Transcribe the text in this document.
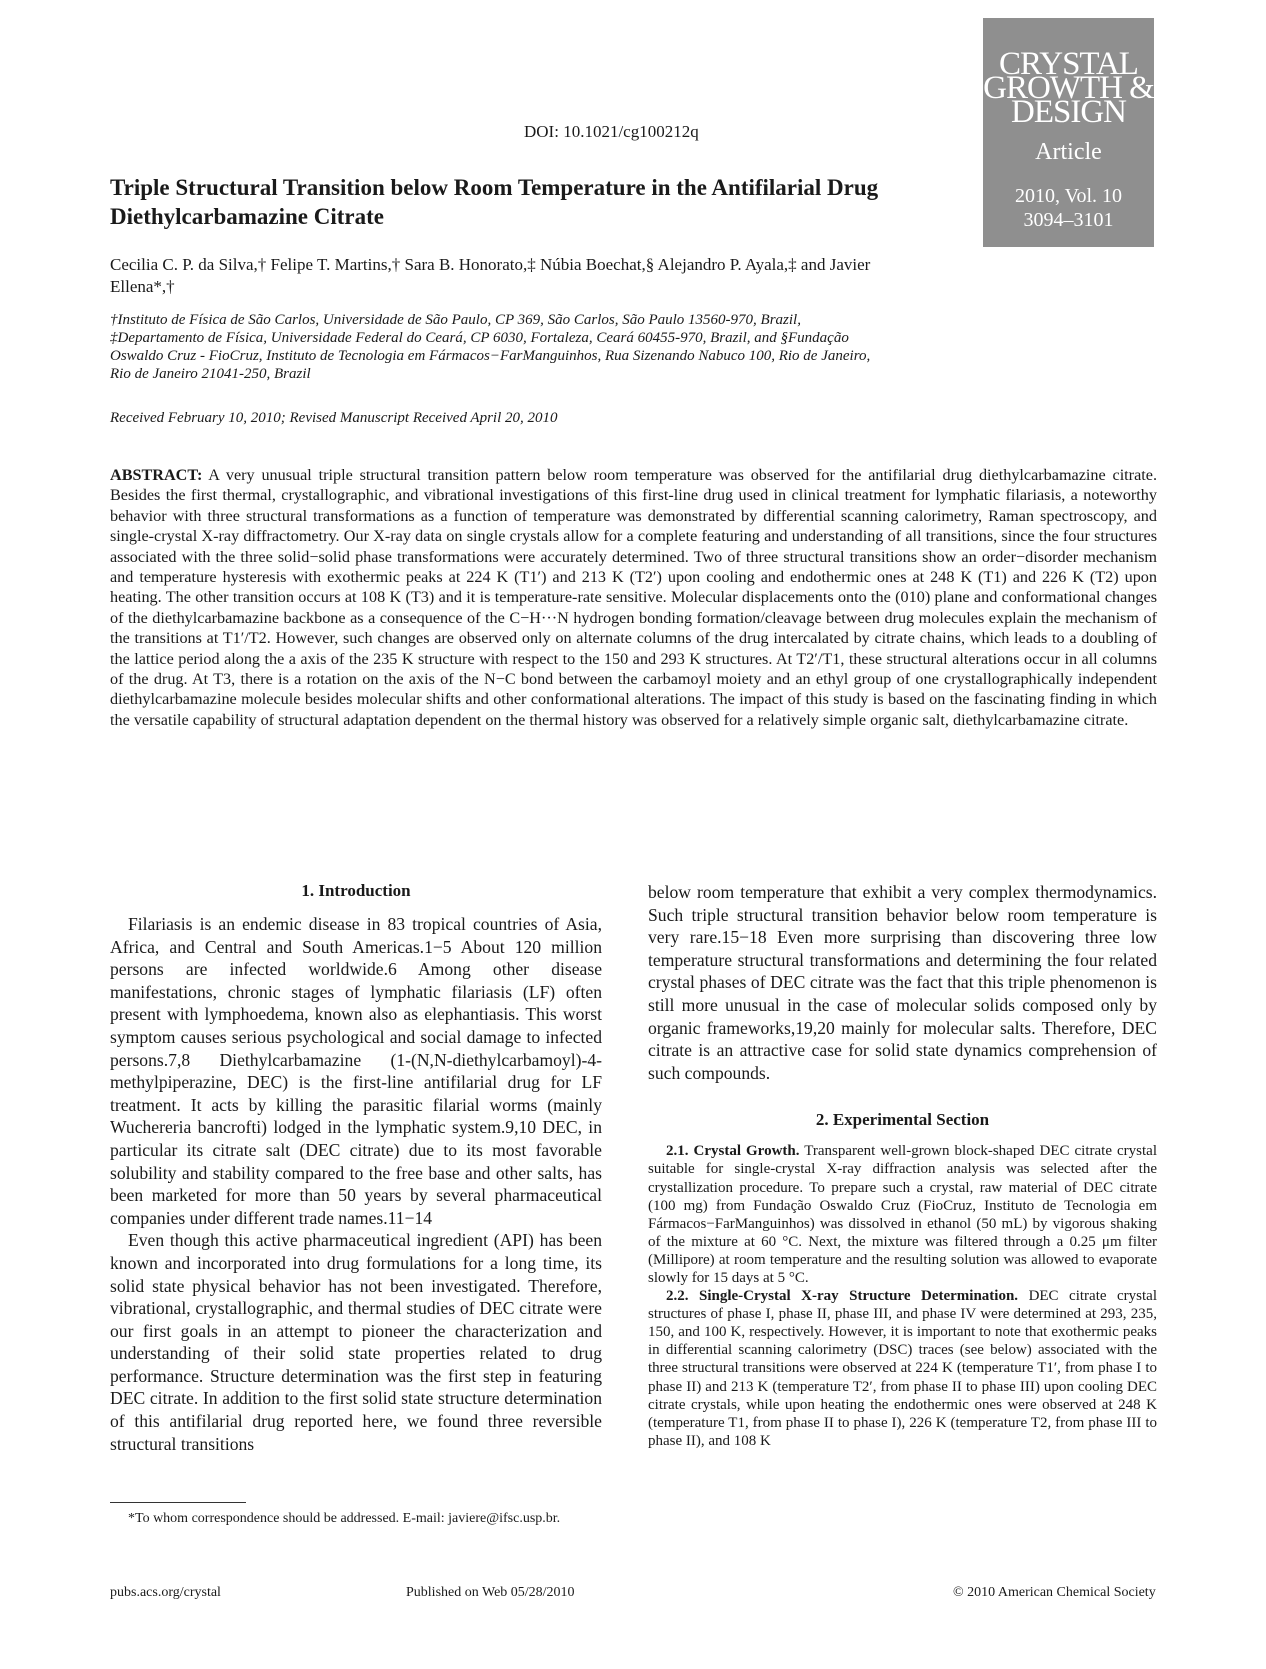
CRYSTAL GROWTH & DESIGN
Article
2010, Vol. 10
3094–3101
DOI: 10.1021/cg100212q
Triple Structural Transition below Room Temperature in the Antifilarial Drug Diethylcarbamazine Citrate
Cecilia C. P. da Silva,† Felipe T. Martins,† Sara B. Honorato,‡ Núbia Boechat,§ Alejandro P. Ayala,‡ and Javier Ellena*,†
†Instituto de Física de São Carlos, Universidade de São Paulo, CP 369, São Carlos, São Paulo 13560-970, Brazil, ‡Departamento de Física, Universidade Federal do Ceará, CP 6030, Fortaleza, Ceará 60455-970, Brazil, and §Fundação Oswaldo Cruz - FioCruz, Instituto de Tecnologia em Fármacos−FarManguinhos, Rua Sizenando Nabuco 100, Rio de Janeiro, Rio de Janeiro 21041-250, Brazil
Received February 10, 2010; Revised Manuscript Received April 20, 2010
ABSTRACT: A very unusual triple structural transition pattern below room temperature was observed for the antifilarial drug diethylcarbamazine citrate. Besides the first thermal, crystallographic, and vibrational investigations of this first-line drug used in clinical treatment for lymphatic filariasis, a noteworthy behavior with three structural transformations as a function of temperature was demonstrated by differential scanning calorimetry, Raman spectroscopy, and single-crystal X-ray diffractometry. Our X-ray data on single crystals allow for a complete featuring and understanding of all transitions, since the four structures associated with the three solid−solid phase transformations were accurately determined. Two of three structural transitions show an order−disorder mechanism and temperature hysteresis with exothermic peaks at 224 K (T1′) and 213 K (T2′) upon cooling and endothermic ones at 248 K (T1) and 226 K (T2) upon heating. The other transition occurs at 108 K (T3) and it is temperature-rate sensitive. Molecular displacements onto the (010) plane and conformational changes of the diethylcarbamazine backbone as a consequence of the C−H···N hydrogen bonding formation/cleavage between drug molecules explain the mechanism of the transitions at T1′/T2. However, such changes are observed only on alternate columns of the drug intercalated by citrate chains, which leads to a doubling of the lattice period along the a axis of the 235 K structure with respect to the 150 and 293 K structures. At T2′/T1, these structural alterations occur in all columns of the drug. At T3, there is a rotation on the axis of the N−C bond between the carbamoyl moiety and an ethyl group of one crystallographically independent diethylcarbamazine molecule besides molecular shifts and other conformational alterations. The impact of this study is based on the fascinating finding in which the versatile capability of structural adaptation dependent on the thermal history was observed for a relatively simple organic salt, diethylcarbamazine citrate.
1. Introduction

Filariasis is an endemic disease in 83 tropical countries of Asia, Africa, and Central and South Americas.1−5 About 120 million persons are infected worldwide.6 Among other disease manifestations, chronic stages of lymphatic filariasis (LF) often present with lymphoedema, known also as elephantiasis. This worst symptom causes serious psychological and social damage to infected persons.7,8 Diethylcarbamazine (1-(N,N-diethylcarbamoyl)-4-methylpiperazine, DEC) is the first-line antifilarial drug for LF treatment. It acts by killing the parasitic filarial worms (mainly Wuchereria bancrofti) lodged in the lymphatic system.9,10 DEC, in particular its citrate salt (DEC citrate) due to its most favorable solubility and stability compared to the free base and other salts, has been marketed for more than 50 years by several pharmaceutical companies under different trade names.11−14

Even though this active pharmaceutical ingredient (API) has been known and incorporated into drug formulations for a long time, its solid state physical behavior has not been investigated. Therefore, vibrational, crystallographic, and thermal studies of DEC citrate were our first goals in an attempt to pioneer the characterization and understanding of their solid state properties related to drug performance. Structure determination was the first step in featuring DEC citrate. In addition to the first solid state structure determination of this antifilarial drug reported here, we found three reversible structural transitions

below room temperature that exhibit a very complex thermodynamics. Such triple structural transition behavior below room temperature is very rare.15−18 Even more surprising than discovering three low temperature structural transformations and determining the four related crystal phases of DEC citrate was the fact that this triple phenomenon is still more unusual in the case of molecular solids composed only by organic frameworks,19,20 mainly for molecular salts. Therefore, DEC citrate is an attractive case for solid state dynamics comprehension of such compounds.

2. Experimental Section

2.1. Crystal Growth. Transparent well-grown block-shaped DEC citrate crystal suitable for single-crystal X-ray diffraction analysis was selected after the crystallization procedure. To prepare such a crystal, raw material of DEC citrate (100 mg) from Fundação Oswaldo Cruz (FioCruz, Instituto de Tecnologia em Fármacos−FarManguinhos) was dissolved in ethanol (50 mL) by vigorous shaking of the mixture at 60 °C. Next, the mixture was filtered through a 0.25 μm filter (Millipore) at room temperature and the resulting solution was allowed to evaporate slowly for 15 days at 5 °C.

2.2. Single-Crystal X-ray Structure Determination. DEC citrate crystal structures of phase I, phase II, phase III, and phase IV were determined at 293, 235, 150, and 100 K, respectively. However, it is important to note that exothermic peaks in differential scanning calorimetry (DSC) traces (see below) associated with the three structural transitions were observed at 224 K (temperature T1′, from phase I to phase II) and 213 K (temperature T2′, from phase II to phase III) upon cooling DEC citrate crystals, while upon heating the endothermic ones were observed at 248 K (temperature T1, from phase II to phase I), 226 K (temperature T2, from phase III to phase II), and 108 K

*To whom correspondence should be addressed. E-mail: javiere@ifsc.usp.br.
pubs.acs.org/crystal	Published on Web 05/28/2010	© 2010 American Chemical Society
